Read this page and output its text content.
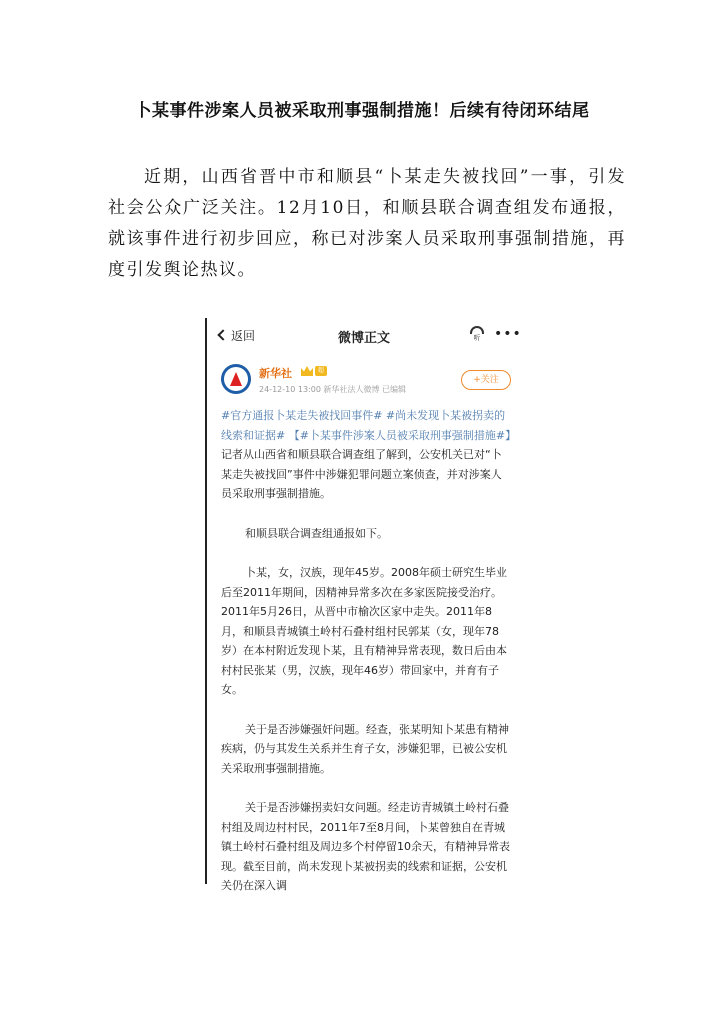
卜某事件涉案人员被采取刑事强制措施！后续有待闭环结尾
近期，山西省晋中市和顺县“卜某走失被找回”一事，引发社会公众广泛关注。12月10日，和顺县联合调查组发布通报，就该事件进行初步回应，称已对涉案人员采取刑事强制措施，再度引发舆论热议。
返回	微博正文	听 •••
新华社	超
24-12-10 13:00 新华社法人微博 已编辑
+关注

#官方通报卜某走失被找回事件# #尚未发现卜某被拐卖的线索和证据# 【#卜某事件涉案人员被采取刑事强制措施#】记者从山西省和顺县联合调查组了解到，公安机关已对“卜某走失被找回”事件中涉嫌犯罪问题立案侦查，并对涉案人员采取刑事强制措施。

和顺县联合调查组通报如下。

卜某，女，汉族，现年45岁。2008年硕士研究生毕业后至2011年期间，因精神异常多次在多家医院接受治疗。2011年5月26日，从晋中市榆次区家中走失。2011年8月，和顺县青城镇土岭村石叠村组村民郭某（女，现年78岁）在本村附近发现卜某，且有精神异常表现，数日后由本村村民张某（男，汉族，现年46岁）带回家中，并育有子女。

关于是否涉嫌强奸问题。经查，张某明知卜某患有精神疾病，仍与其发生关系并生育子女，涉嫌犯罪，已被公安机关采取刑事强制措施。

关于是否涉嫌拐卖妇女问题。经走访青城镇土岭村石叠村组及周边村村民，2011年7至8月间，卜某曾独自在青城镇土岭村石叠村组及周边多个村停留10余天，有精神异常表现。截至目前，尚未发现卜某被拐卖的线索和证据，公安机关仍在深入调
